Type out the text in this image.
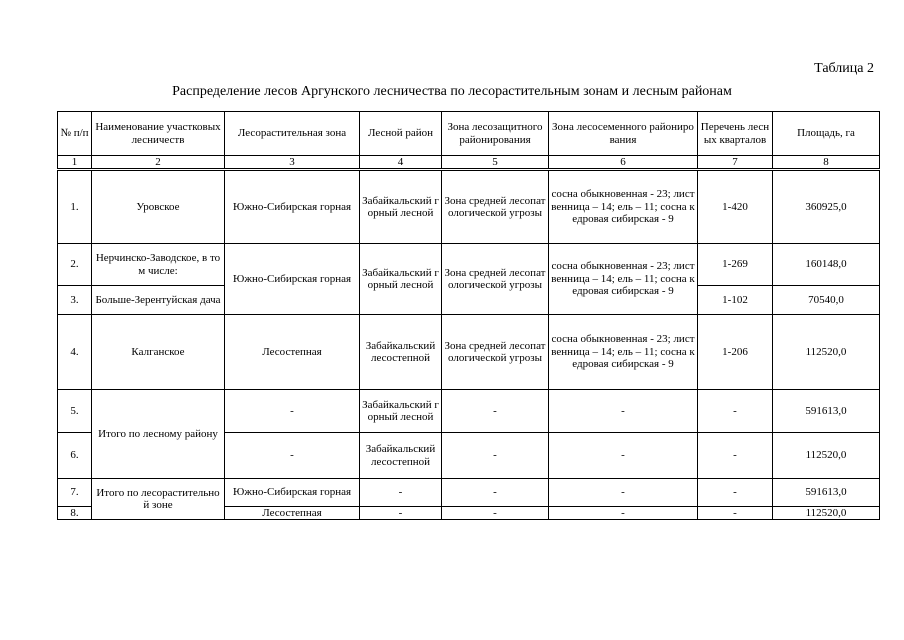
Таблица 2
Распределение лесов Аргунского лесничества по лесорастительным зонам и лесным районам
№ п/п	Наименование участковых лесничеств	Лесорастительная зона	Лесной район	Зона лесозащитного районирования	Зона лесосеменного районирования	Перечень лесных кварталов	Площадь, га
1	2	3	4	5	6	7	8
1.	Уровское	Южно-Сибирская горная	Забайкальский горный лесной	Зона средней лесопатологической угрозы	сосна обыкновенная - 23; лиственница – 14; ель – 11; сосна кедровая сибирская - 9	1-420	360925,0
2.	Нерчинско-Заводское, в том числе:	Южно-Сибирская горная	Забайкальский горный лесной	Зона средней лесопатологической угрозы	сосна обыкновенная - 23; лиственница – 14; ель – 11; сосна кедровая сибирская - 9	1-269	160148,0
3.	Больше-Зерентуйская дача					1-102	70540,0
4.	Калганское	Лесостепная	Забайкальский лесостепной	Зона средней лесопатологической угрозы	сосна обыкновенная - 23; лиственница – 14; ель – 11; сосна кедровая сибирская - 9	1-206	112520,0
5.	Итого по лесному району	-	Забайкальский горный лесной	-	-	-	591613,0
6.		-	Забайкальский лесостепной	-	-	-	112520,0
7.	Итого по лесорастительной зоне	Южно-Сибирская горная	-	-	-	-	591613,0
8.		Лесостепная	-	-	-	-	112520,0
